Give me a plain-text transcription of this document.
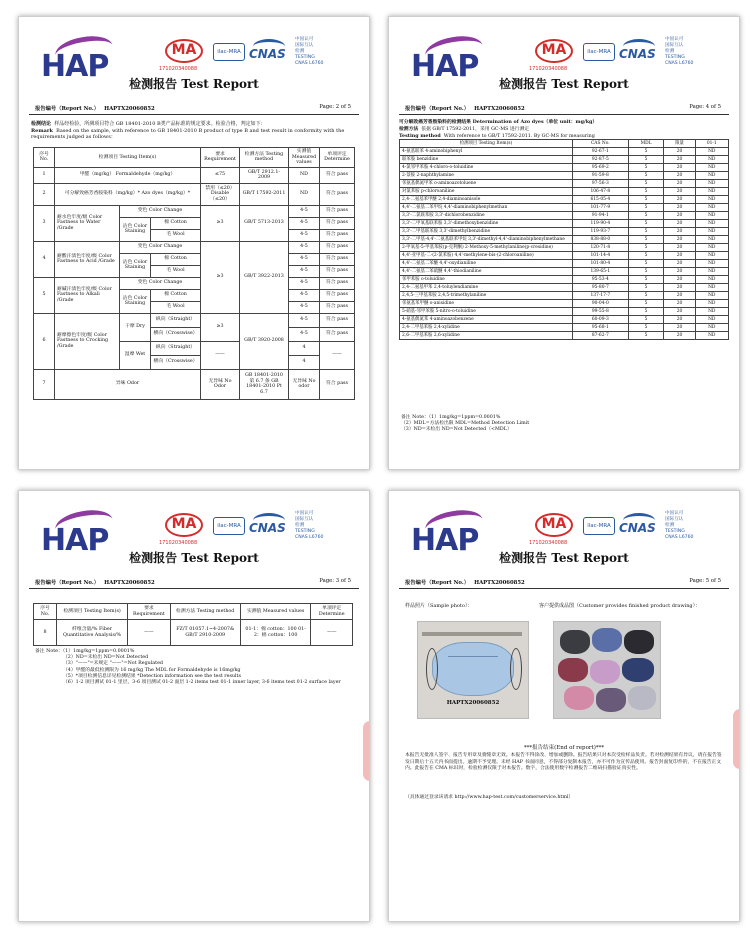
HAP	MA
171020340088
ilac-MRA CNAS
中国认可
国际互认
检测
TESTING
CNAS L6760
检测报告 Test Report
报告编号（Report No.） HAPTX20060852	Page: 2 of 5
检测结论 样品经检验，所测项目符合 GB 18401-2010 B类产品标准的规定要求。检验合格，判定如下：
Remark Based on the sample, with reference to GB 18401-2010 B product of type B and test result in conformity with the requirements judged as follows：
序号 No.	检测项目 Testing Item(s)			要求 Requirement	检测方法 Testing method	实测值 Measured values	单项评定 Determine
1	甲醛（mg/kg） Formaldehyde（mg/kg）			≤75	GB/T 2912.1-2009	ND	符合 pass
2	可分解致癌芳香胺染料（mg/kg）* Azo dyes（mg/kg）*			禁用（≤20） Disable （≤20）	GB/T 17592-2011	ND	符合 pass
3	耐水色牢度/级 Color Fastness to Water /Grade	变色 Color Change		≥3	GB/T 5713-2013	4-5	符合 pass
		沾色 Color Staining	棉 Cotton			4-5	符合 pass
			毛 Wool			4-5	符合 pass
4	耐酸汗渍色牢度/级 Color Fastness to Acid /Grade	变色 Color Change		≥3	GB/T 3922-2013	4-5	符合 pass
		沾色 Color Staining	棉 Cotton			4-5	符合 pass
			毛 Wool			4-5	符合 pass
5	耐碱汗渍色牢度/级 Color Fastness to Alkali /Grade	变色 Color Change				4-5	符合 pass
		沾色 Color Staining	棉 Cotton			4-5	符合 pass
			毛 Wool			4-5	符合 pass
6	耐摩擦色牢度/级 Color Fastness to Crocking /Grade	干摩 Dry	纵向（Straight）	≥3	GB/T 3920-2008	4-5	符合 pass
			横向（Crosswise）			4-5	符合 pass
		湿摩 Wet	纵向（Straight）	——		4	——
			横向（Crosswise）			4	
7	异味 Odor			无异味 No Odor	GB 18401-2010 第 6.7 条 GB 18401-2010 Pt 6.7	无异味 No odor	符合 pass
HAP	MA
171020340088
ilac-MRA CNAS
中国认可
国际互认
检测
TESTING
CNAS L6760
检测报告 Test Report
报告编号（Report No.） HAPTX20060852	Page: 4 of 5
可分解致癌芳香胺染料的检测结果 Determination of Azo dyes（单位 unit：mg/kg）
检测方法 依据 GB/T 17592-2011，采用 GC-MS 进行测定
Testing method With reference to GB/T 17592-2011. By GC-MS for measuring
检测项目 Testing Item(s)	CAS No.	MDL	限量	01-1
4-氨基联苯 4-aminobiphenyl	92-67-1	5	20	ND
联苯胺 benzidine	92-87-5	5	20	ND
4-氯邻甲苯胺 4-chloro-o-toluidine	95-69-2	5	20	ND
2-萘胺 2-naphthylamine	91-59-8	5	20	ND
邻氨基偶氮甲苯 o-aminoazotoluene	97-56-3	5	20	ND
对氯苯胺 p-chloroaniline	106-47-8	5	20	ND
2,4-二氨基苯甲醚 2,4-diaminoanisole	615-05-4	5	20	ND
4,4'-二氨基二苯甲烷 4,4'-diaminobiphenylmethan	101-77-9	5	20	ND
3,3'-二氯联苯胺 3,3'-dichlorobenzidine	91-94-1	5	20	ND
3,3'-二甲氧基联苯胺 3,3'-dimethoxybenzidine	119-90-4	5	20	ND
3,3'-二甲基联苯胺 3,3'-dimethylbenzidine	119-93-7	5	20	ND
3,3'-二甲基-4,4'-二氨基联苯甲烷 3,3'-dimethyl-4,4'-diaminobiphenylmethane	838-88-0	5	20	ND
2-甲氧基-5-甲基苯胺(p-克利酮) 2-Methoxy-5-methylaniline(p-cresidine)	120-71-8	5	20	ND
4,4'-亚甲基-二-(2-氯苯胺) 4,4'-methylene-bis-(2-chloroaniline)	101-14-4	5	20	ND
4,4'-二氨基二苯醚 4,4'-oxydianiline	101-80-4	5	20	ND
4,4'-二氨基二苯硫醚 4,4'-thiodianiline	139-65-1	5	20	ND
邻甲苯胺 o-toluidine	95-53-4	5	20	ND
2,4-二氨基甲苯 2,4-toluylendiamine	95-80-7	5	20	ND
2,4,5-三甲基苯胺 2,4,5-trimethylaniline	137-17-7	5	20	ND
邻氨基苯甲醚 o-anisidine	90-04-0	5	20	ND
5-硝基-邻甲苯胺 5-nitro-o-toluidine	99-55-8	5	20	ND
4-氨基偶氮苯 4-aminoazobenzene	60-09-3	5	20	ND
2,4-二甲基苯胺 2,4-xylidine	95-68-1	5	20	ND
2,6-二甲基苯胺 2,6-xylidine	87-62-7	5	20	ND
备注 Note：（1）1mg/kg=1ppm=0.0001%
（2）MDL=方法检出限 MDL=Method Detection Limit
（3）ND=未检出 ND=Not Detected（<MDL）
HAP	MA
171020340088
ilac-MRA CNAS
中国认可
国际互认
检测
TESTING
CNAS L6760
检测报告 Test Report
报告编号（Report No.） HAPTX20060852	Page: 3 of 5
序号 No.	检测项目 Testing Item(s)	要求 Requirement	检测方法 Testing method	实测值 Measured values	单项评定 Determine
8	纤维含量/% Fiber Quantitative Analysis/%	——	FZ/T 01057.1~4-2007& GB/T 2910-2009	01-1：棉 cotton：100 01-2：棉 cotton：100	——
备注 Note：（1）1mg/kg=1ppm=0.0001%
（2）ND=未检出 ND=Not Detected
（3）"——"=未规定 "——"=Not Regulated
（4）甲醛的最低检测限为 16 mg/kg The MDL for Formaldehyde is 16mg/kg
（5）*项目检测信息详见检测结果 *Detection information see the test results
（6）1-2 项目测试 01-1 里层，3-6 项目测试 01-2 面层 1-2 items test 01-1 inner layer, 3-6 items test 01-2 surface layer
HAP	MA
171020340088
ilac-MRA CNAS
中国认可
国际互认
检测
TESTING
CNAS L6760
检测报告 Test Report
报告编号（Report No.） HAPTX20060852	Page: 5 of 5
样品照片（Sample photo）：	客户提供成品图（Customer provides finished product drawing）：
HAPTX20060852
***报告结束(End of report)***
本报告无批准人签字、报告专用章及骑缝章无效。本报告不得涂改、增加或删除。报告结果只对本次受检样品负责。若对检测结果有异议，请在报告签发日期后十五天内书面提出。逾期不予受理。未经 HAP 书面同意，不得部分复制本报告，亦不可作为宣传品使用。报告封面复印件的，不在报告正文内。此报告在 CMA 标识时，检验检测仅限于对本报告。数字，合法使用数字检测报告二维码扫描验证真实性。
（具体通过登录该请求 http://www.hap-test.com/customerservice.html）
